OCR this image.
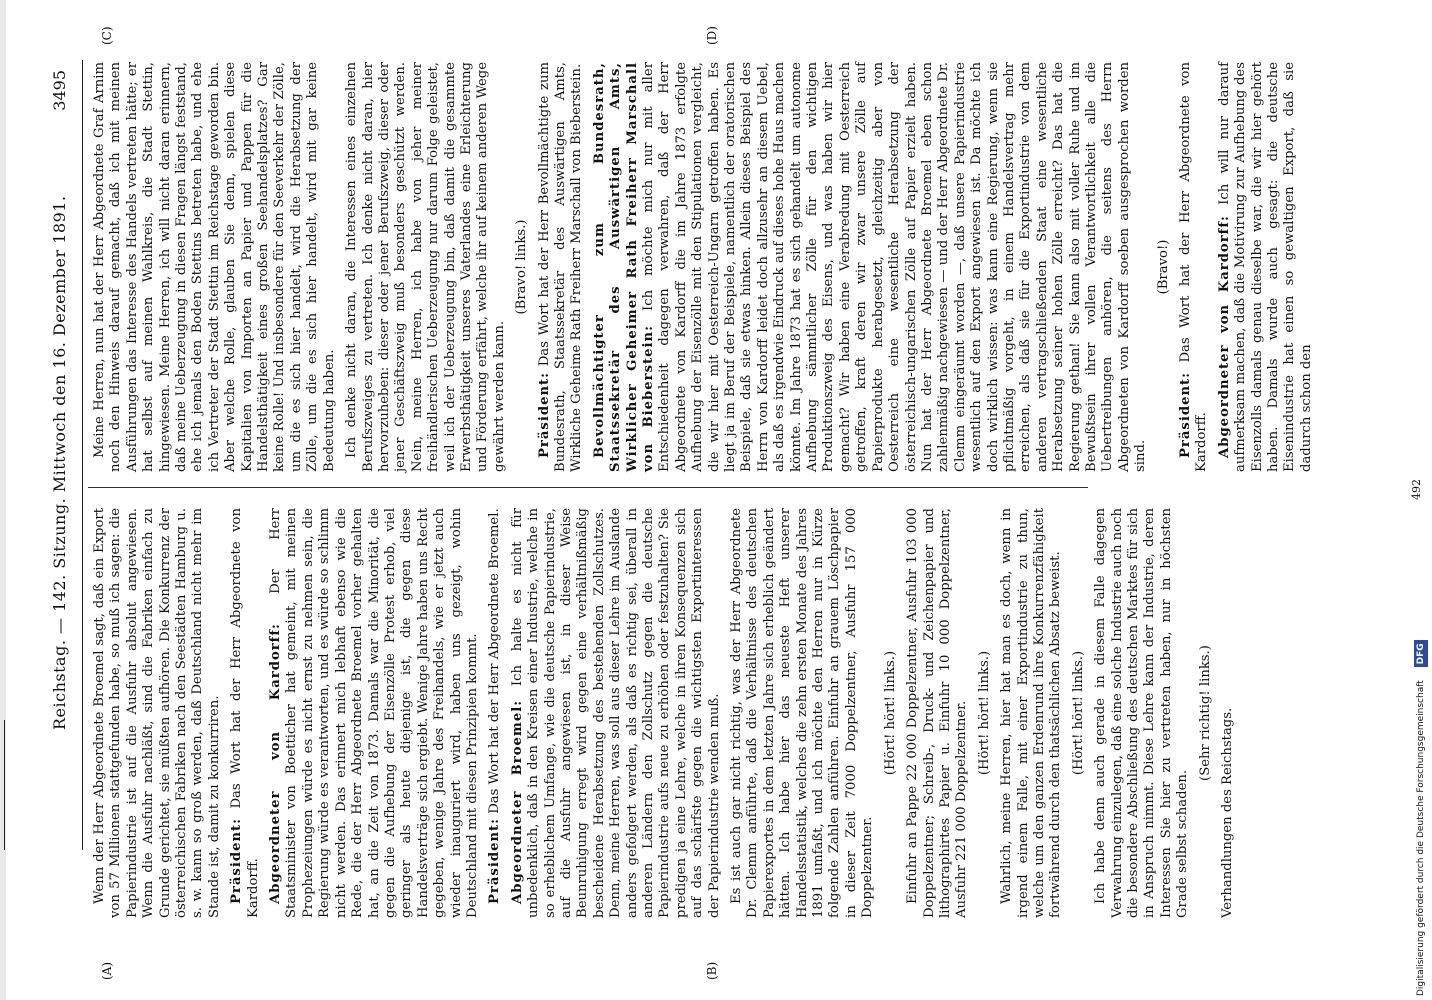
Reichstag. — 142. Sitzung. Mittwoch den 16. Dezember 1891.
3495
(A)	(B)
(C)	(D)

Wenn der Herr Abgeordnete Broemel sagt, daß ein Export von 57 Millionen stattgefunden habe, so muß ich sagen: die Papierindustrie ist auf die Ausfuhr absolut angewiesen. Wenn die Ausfuhr nachläßt, sind die Fabriken einfach zu Grunde gerichtet, sie müßten aufhören. Die Konkurrenz der österreichischen Fabriken nach den Seestädten Hamburg u. s. w. kann so groß werden, daß Deutschland nicht mehr im Stande ist, damit zu konkurriren. Präsident: Das Wort hat der Herr Abgeordnete von Kardorff. Abgeordneter von Kardorff: Der Herr Staatsminister von Boetticher hat gemeint, mit meinen Prophezeiungen würde es nicht ernst zu nehmen sein, die Regierung würde es verantworten, und es würde so schlimm nicht werden. Das erinnert mich lebhaft ebenso wie die Rede, die der Herr Abgeordnete Broemel vorher gehalten hat, an die Zeit von 1873. Damals war die Minorität, die gegen die Aufhebung der Eisenzölle Protest erhob, viel geringer als heute diejenige ist, die gegen diese Handelsverträge sich ergiebt. Wenige Jahre haben uns Recht gegeben, wenige Jahre des Freihandels, wie er jetzt auch wieder inauguriert wird, haben uns gezeigt, wohin Deutschland mit diesen Prinzipien kommt. Präsident: Das Wort hat der Herr Abgeordnete Broemel. Abgeordneter Broemel: Ich halte es nicht für unbedenklich, daß in den Kreisen einer Industrie, welche in so erheblichem Umfange, wie die deutsche Papierindustrie, auf die Ausfuhr angewiesen ist, in dieser Weise Beunruhigung erregt wird gegen eine verhältnißmäßig bescheidene Herabsetzung des bestehenden Zollschutzes. Denn, meine Herren, was soll aus dieser Lehre im Auslande anders gefolgert werden, als daß es richtig sei, überall in anderen Ländern den Zollschutz gegen die deutsche Papierindustrie aufs neue zu erhöhen oder festzuhalten? Sie predigen ja eine Lehre, welche in ihren Konsequenzen sich auf das schärfste gegen die wichtigsten Exportinteressen der Papierindustrie wenden muß. Es ist auch gar nicht richtig, was der Herr Abgeordnete Dr. Clemm anführte, daß die Verhältnisse des deutschen Papierexportes in dem letzten Jahre sich erheblich geändert hätten. Ich habe hier das neueste Heft unserer Handelsstatistik, welches die zehn ersten Monate des Jahres 1891 umfaßt, und ich möchte den Herren nur in Kürze folgende Zahlen anführen. Einfuhr an grauem Löschpapier in dieser Zeit 7000 Doppelzentner, Ausfuhr 157 000 Doppelzentner.

(Hört! hört! links.) Einfuhr an Pappe 22 000 Doppelzentner, Ausfuhr 103 000 Doppelzentner; Schreib-, Druck- und Zeichenpapier und lithographirtes Papier u. Einfuhr 10 000 Doppelzentner, Ausfuhr 221 000 Doppelzentner. (Hört! hört! links.) Wahrlich, meine Herren, hier hat man es doch, wenn in irgend einem Falle, mit einer Exportindustrie zu thun, welche um den ganzen Erdenrund ihre Konkurrenzfähigkeit fortwährend durch den thatsächlichen Absatz beweist. (Hört! hört! links.) Ich habe denn auch gerade in diesem Falle dagegen Verwahrung einzulegen, daß eine solche Industrie auch noch die besondere Abschließung des deutschen Marktes für sich in Anspruch nimmt. Diese Lehre kann der Industrie, deren Interessen Sie hier zu vertreten haben, nur in höchsten Grade selbst schaden.

(Sehr richtig! links.) Verhandlungen des Reichstags.

Meine Herren, nun hat der Herr Abgeordnete Graf Arnim noch den Hinweis darauf gemacht, daß ich mit meinen Ausführungen das Interesse des Handels vertreten hätte; er hat selbst auf meinen Wahlkreis, die Stadt Stettin, hingewiesen. Meine Herren, ich will nicht daran erinnern, daß meine Ueberzeugung in diesen Fragen längst feststand, ehe ich jemals den Boden Stettins betreten habe, und ehe ich Vertreter der Stadt Stettin im Reichstage geworden bin. Aber welche Rolle, glauben Sie denn, spielen diese Kapitalien von Importen an Papier und Pappen für die Handelsthätigkeit eines großen Seehandelsplatzes? Gar keine Rolle! Und insbesondere für den Seeverkehr der Zölle, um die es sich hier handelt, wird die Herabsetzung der Zölle, um die es sich hier handelt, wird mit gar keine Bedeutung haben. Ich denke nicht daran, die Interessen eines einzelnen Berufszweiges zu vertreten. Ich denke nicht daran, hier hervorzuheben: dieser oder jener Berufszweig, dieser oder jener Geschäftszweig muß besonders geschützt werden. Nein, meine Herren, ich habe von jeher meiner freihändlerischen Ueberzeugung nur darum Folge geleistet, weil ich der Ueberzeugung bin, daß damit die gesammte Erwerbsthätigkeit unseres Vaterlandes eine Erleichterung und Förderung erfährt, welche ihr auf keinem anderen Wege gewährt werden kann.

(Bravo! links.)

Präsident: Das Wort hat der Herr Bevollmächtigte zum Bundesrath, Staatssekretär des Auswärtigen Amts, Wirkliche Geheime Rath Freiherr Marschall von Bieberstein. Bevollmächtigter zum Bundesrath, Staatssekretär des Auswärtigen Amts, Wirklicher Geheimer Rath Freiherr Marschall von Bieberstein: Ich möchte mich nur mit aller Entschiedenheit dagegen verwahren, daß der Herr Abgeordnete von Kardorff die im Jahre 1873 erfolgte Aufhebung der Eisenzölle mit den Stipulationen vergleicht, die wir hier mit Oesterreich-Ungarn getroffen haben. Es liegt ja im Beruf der Beispiele, namentlich der oratorischen Beispiele, daß sie etwas hinken. Allein dieses Beispiel des Herrn von Kardorff leidet doch allzusehr an diesem Uebel, als daß es irgendwie Eindruck auf dieses hohe Haus machen könnte. Im Jahre 1873 hat es sich gehandelt um autonome Aufhebung sämmtlicher Zölle für den wichtigen Produktionszweig des Eisens, und was haben wir hier gemacht? Wir haben eine Verabredung mit Oesterreich getroffen, kraft deren wir zwar unsere Zölle auf Papierprodukte herabgesetzt, gleichzeitig aber von Oesterreich eine wesentliche Herabsetzung der österreichisch-ungarischen Zölle auf Papier erzielt haben. Nun hat der Herr Abgeordnete Broemel eben schon zahlenmäßig nachgewiesen — und der Herr Abgeordnete Dr. Clemm eingeräumt worden —, daß unsere Papierindustrie wesentlich auf den Export angewiesen ist. Da möchte ich doch wirklich wissen: was kann eine Regierung, wenn sie pflichtmäßig vorgeht, in einem Handelsvertrag mehr erreichen, als daß sie für die Exportindustrie von dem anderen vertragschließenden Staat eine wesentliche Herabsetzung seiner hohen Zölle erreicht? Das hat die Regierung gethan! Sie kann also mit voller Ruhe und im Bewußtsein ihrer vollen Verantwortlichkeit alle die Uebertreibungen anhören, die seitens des Herrn Abgeordneten von Kardorff soeben ausgesprochen worden sind.

(Bravo!)

Präsident: Das Wort hat der Herr Abgeordnete von Kardorff. Abgeordneter von Kardorff: Ich will nur darauf aufmerksam machen, daß die Motivirung zur Aufhebung des Eisenzolls damals genau dieselbe war, die wir hier gehört haben. Damals wurde auch gesagt: die deutsche Eisenindustrie hat einen so gewaltigen Export, daß sie dadurch schon den

492
Digitalisierung gefördert durch die Deutsche Forschungsgemeinschaft DFG
